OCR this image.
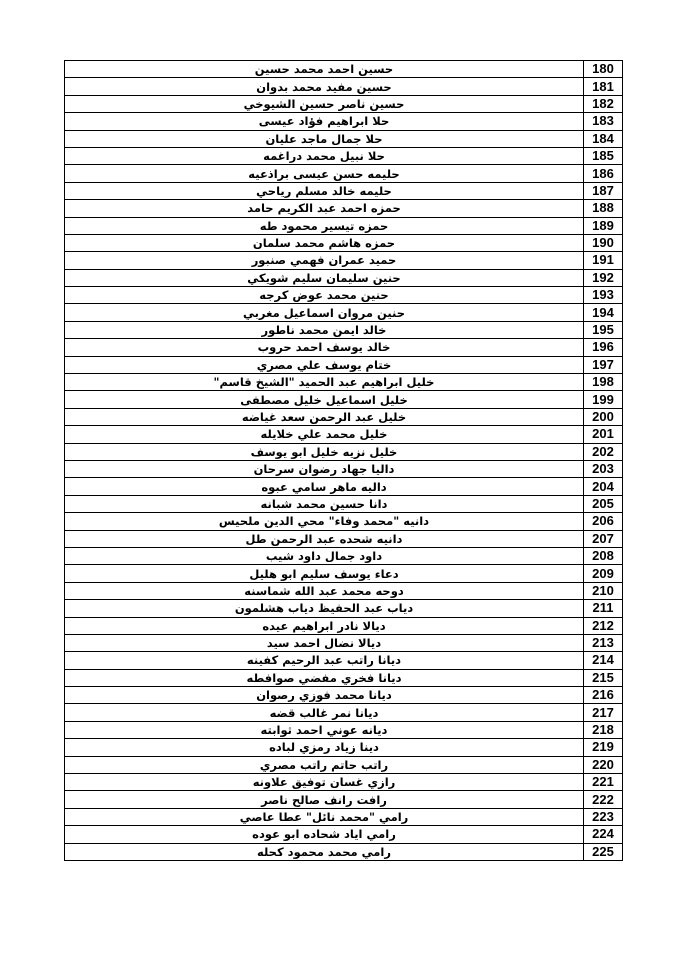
حسين احمد محمد حسين	180
حسين مفيد محمد بدوان	181
حسين ناصر حسين الشيوخي	182
حلا ابراهيم فؤاد عيسى	183
حلا جمال ماجد عليان	184
حلا نبيل محمد دراغمه	185
حليمه حسن عيسى براذعيه	186
حليمه خالد مسلم رياحي	187
حمزه احمد عبد الكريم حامد	188
حمزه تيسير محمود طه	189
حمزه هاشم محمد سلمان	190
حميد عمران فهمي صنبور	191
حنين سليمان سليم شويكي	192
حنين محمد عوض كرجه	193
حنين مروان اسماعيل مغربي	194
خالد ايمن محمد ناطور	195
خالد يوسف احمد حروب	196
ختام يوسف علي مصري	197
خليل ابراهيم عبد الحميد "الشيخ قاسم"	198
خليل اسماعيل خليل مصطفى	199
خليل عبد الرحمن سعد غياضه	200
خليل محمد علي خلايله	201
خليل نزيه خليل ابو يوسف	202
داليا جهاد رضوان سرحان	203
داليه ماهر سامي عبوه	204
دانا حسين محمد شبانه	205
دانيه "محمد وفاء" محي الدين ملحيس	206
دانيه شحده عبد الرحمن طل	207
داود جمال داود شيب	208
دعاء يوسف سليم ابو هليل	209
دوحه محمد عبد الله شماسنه	210
دياب عبد الحفيظ دياب هشلمون	211
ديالا نادر ابراهيم عيده	212
ديالا نضال احمد سيد	213
ديانا راتب عبد الرحيم كفينه	214
ديانا فخري مفضي صوافطه	215
ديانا محمد فوزي رصوان	216
ديانا نمر غالب قضه	217
ديانه عوني احمد ثوابته	218
دينا زياد رمزي لباده	219
راتب حاتم راتب مصري	220
رازي غسان توفيق علاونه	221
رافت رانف صالح ناصر	222
رامي "محمد نائل" عطا عاصي	223
رامي اياد شحاده ابو عوده	224
رامي محمد محمود كحله	225
